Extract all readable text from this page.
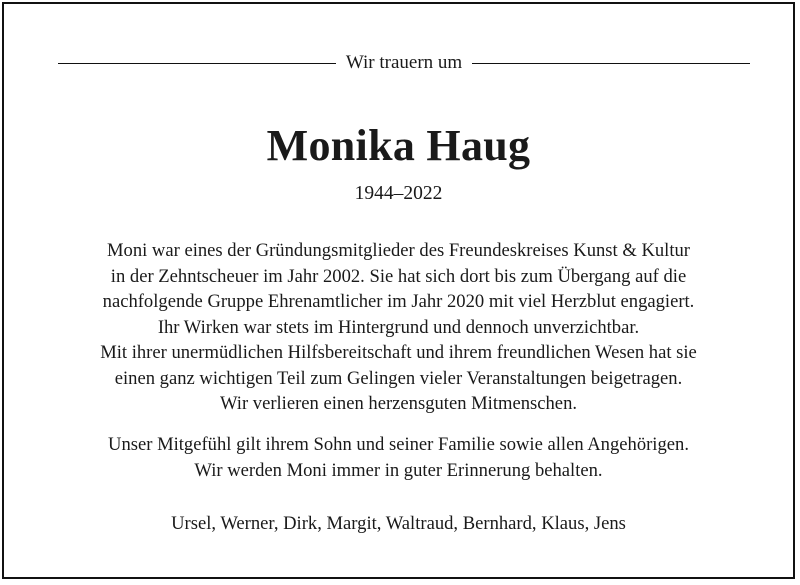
Wir trauern um
Monika Haug
1944–2022
Moni war eines der Gründungsmitglieder des Freundeskreises Kunst & Kultur
in der Zehntscheuer im Jahr 2002. Sie hat sich dort bis zum Übergang auf die
nachfolgende Gruppe Ehrenamtlicher im Jahr 2020 mit viel Herzblut engagiert.
Ihr Wirken war stets im Hintergrund und dennoch unverzichtbar.
Mit ihrer unermüdlichen Hilfsbereitschaft und ihrem freundlichen Wesen hat sie
einen ganz wichtigen Teil zum Gelingen vieler Veranstaltungen beigetragen.
Wir verlieren einen herzensguten Mitmenschen.
Unser Mitgefühl gilt ihrem Sohn und seiner Familie sowie allen Angehörigen.
Wir werden Moni immer in guter Erinnerung behalten.
Ursel, Werner, Dirk, Margit, Waltraud, Bernhard, Klaus, Jens
